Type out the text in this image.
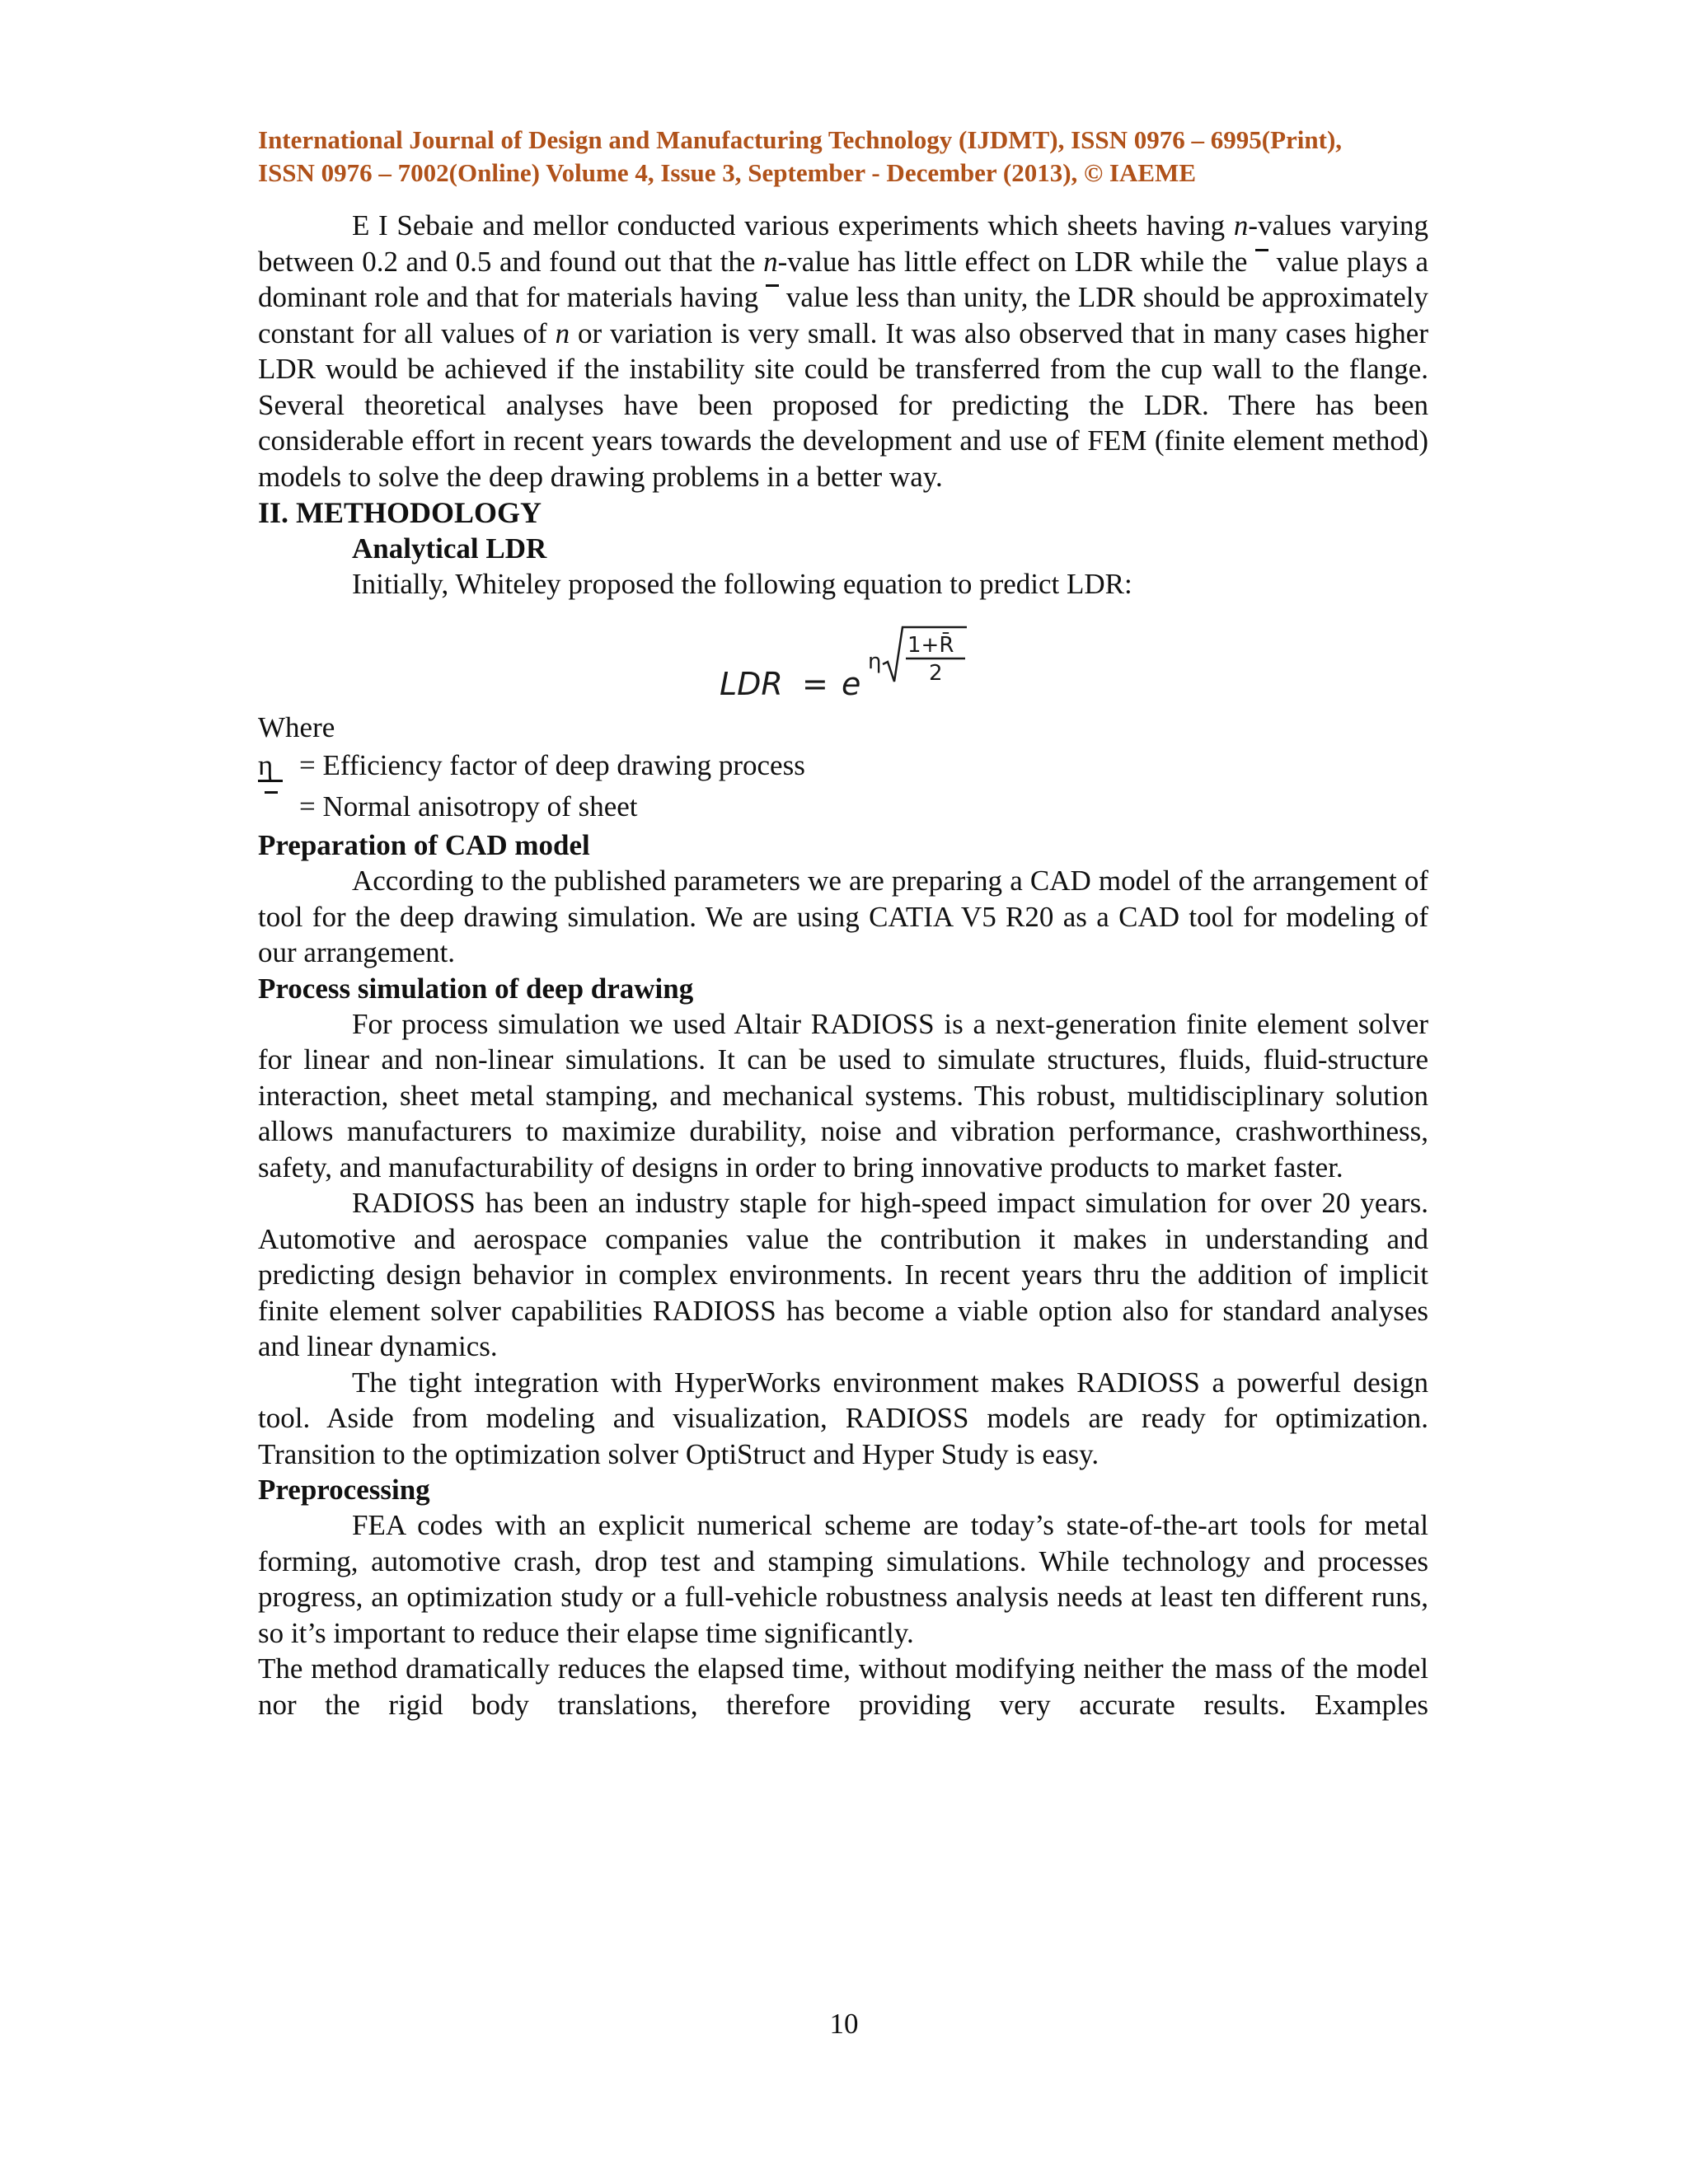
International Journal of Design and Manufacturing Technology (IJDMT), ISSN 0976 – 6995(Print),

ISSN 0976 – 7002(Online) Volume 4, Issue 3, September - December (2013), © IAEME

E I Sebaie and mellor conducted various experiments which sheets having n-values varying between 0.2 and 0.5 and found out that the n-value has little effect on LDR while the  value plays a dominant role and that for materials having  value less than unity, the LDR should be approximately constant for all values of n or variation is very small. It was also observed that in many cases higher LDR would be achieved if the instability site could be transferred from the cup wall to the flange. Several theoretical analyses have been proposed for predicting the LDR. There has been considerable effort in recent years towards the development and use of FEM (finite element method) models to solve the deep drawing problems in a better way.

II. METHODOLOGY

Analytical LDR

Initially, Whiteley proposed the following equation to predict LDR:

LDR = e
η
1+R̄
2

Where

η = Efficiency factor of deep drawing process

= Normal anisotropy of sheet

Preparation of CAD model

According to the published parameters we are preparing a CAD model of the arrangement of tool for the deep drawing simulation. We are using CATIA V5 R20 as a CAD tool for modeling of our arrangement.

Process simulation of deep drawing

For process simulation we used Altair RADIOSS is a next-generation finite element solver for linear and non-linear simulations. It can be used to simulate structures, fluids, fluid-structure interaction, sheet metal stamping, and mechanical systems. This robust, multidisciplinary solution allows manufacturers to maximize durability, noise and vibration performance, crashworthiness, safety, and manufacturability of designs in order to bring innovative products to market faster.

RADIOSS has been an industry staple for high-speed impact simulation for over 20 years. Automotive and aerospace companies value the contribution it makes in understanding and predicting design behavior in complex environments. In recent years thru the addition of implicit finite element solver capabilities RADIOSS has become a viable option also for standard analyses and linear dynamics.

The tight integration with HyperWorks environment makes RADIOSS a powerful design tool. Aside from modeling and visualization, RADIOSS models are ready for optimization. Transition to the optimization solver OptiStruct and Hyper Study is easy.

Preprocessing

FEA codes with an explicit numerical scheme are today’s state-of-the-art tools for metal forming, automotive crash, drop test and stamping simulations. While technology and processes progress, an optimization study or a full-vehicle robustness analysis needs at least ten different runs, so it’s important to reduce their elapse time significantly.

The method dramatically reduces the elapsed time, without modifying neither the mass of the model nor the rigid body translations, therefore providing very accurate results. Examples

10
